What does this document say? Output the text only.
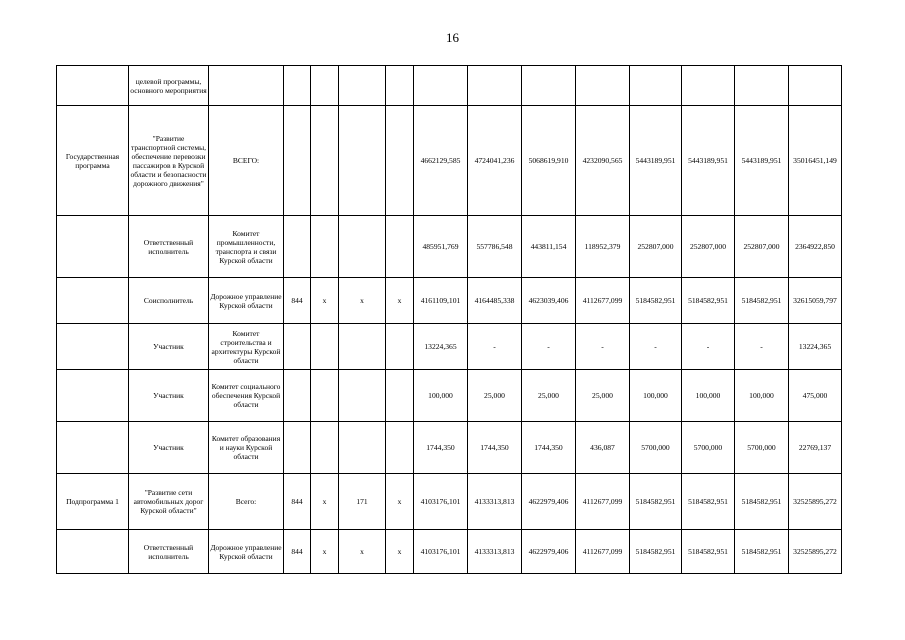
16
	целевой программы, основного мероприятия													
Государственная программа	"Развитие транспортной системы, обеспечение перевозки пассажиров в Курской области и безопасности дорожного движения"	ВСЕГО:					4662129,585	4724041,236	5068619,910	4232090,565	5443189,951	5443189,951	5443189,951	35016451,149
	Ответственный исполнитель	Комитет промышленности, транспорта и связи Курской области					485951,769	557786,548	443811,154	118952,379	252807,000	252807,000	252807,000	2364922,850
	Соисполнитель	Дорожное управление Курской области	844	x	x	x	4161109,101	4164485,338	4623039,406	4112677,099	5184582,951	5184582,951	5184582,951	32615059,797
	Участник	Комитет строительства и архитектуры Курской области					13224,365	-	-	-	-	-	-	13224,365
	Участник	Комитет социального обеспечения Курской области					100,000	25,000	25,000	25,000	100,000	100,000	100,000	475,000
	Участник	Комитет образования и науки Курской области					1744,350	1744,350	1744,350	436,087	5700,000	5700,000	5700,000	22769,137
Подпрограмма 1	"Развитие сети автомобильных дорог Курской области"	Всего:	844	x	171	x	4103176,101	4133313,813	4622979,406	4112677,099	5184582,951	5184582,951	5184582,951	32525895,272
	Ответственный исполнитель	Дорожное управление Курской области	844	x	x	x	4103176,101	4133313,813	4622979,406	4112677,099	5184582,951	5184582,951	5184582,951	32525895,272
